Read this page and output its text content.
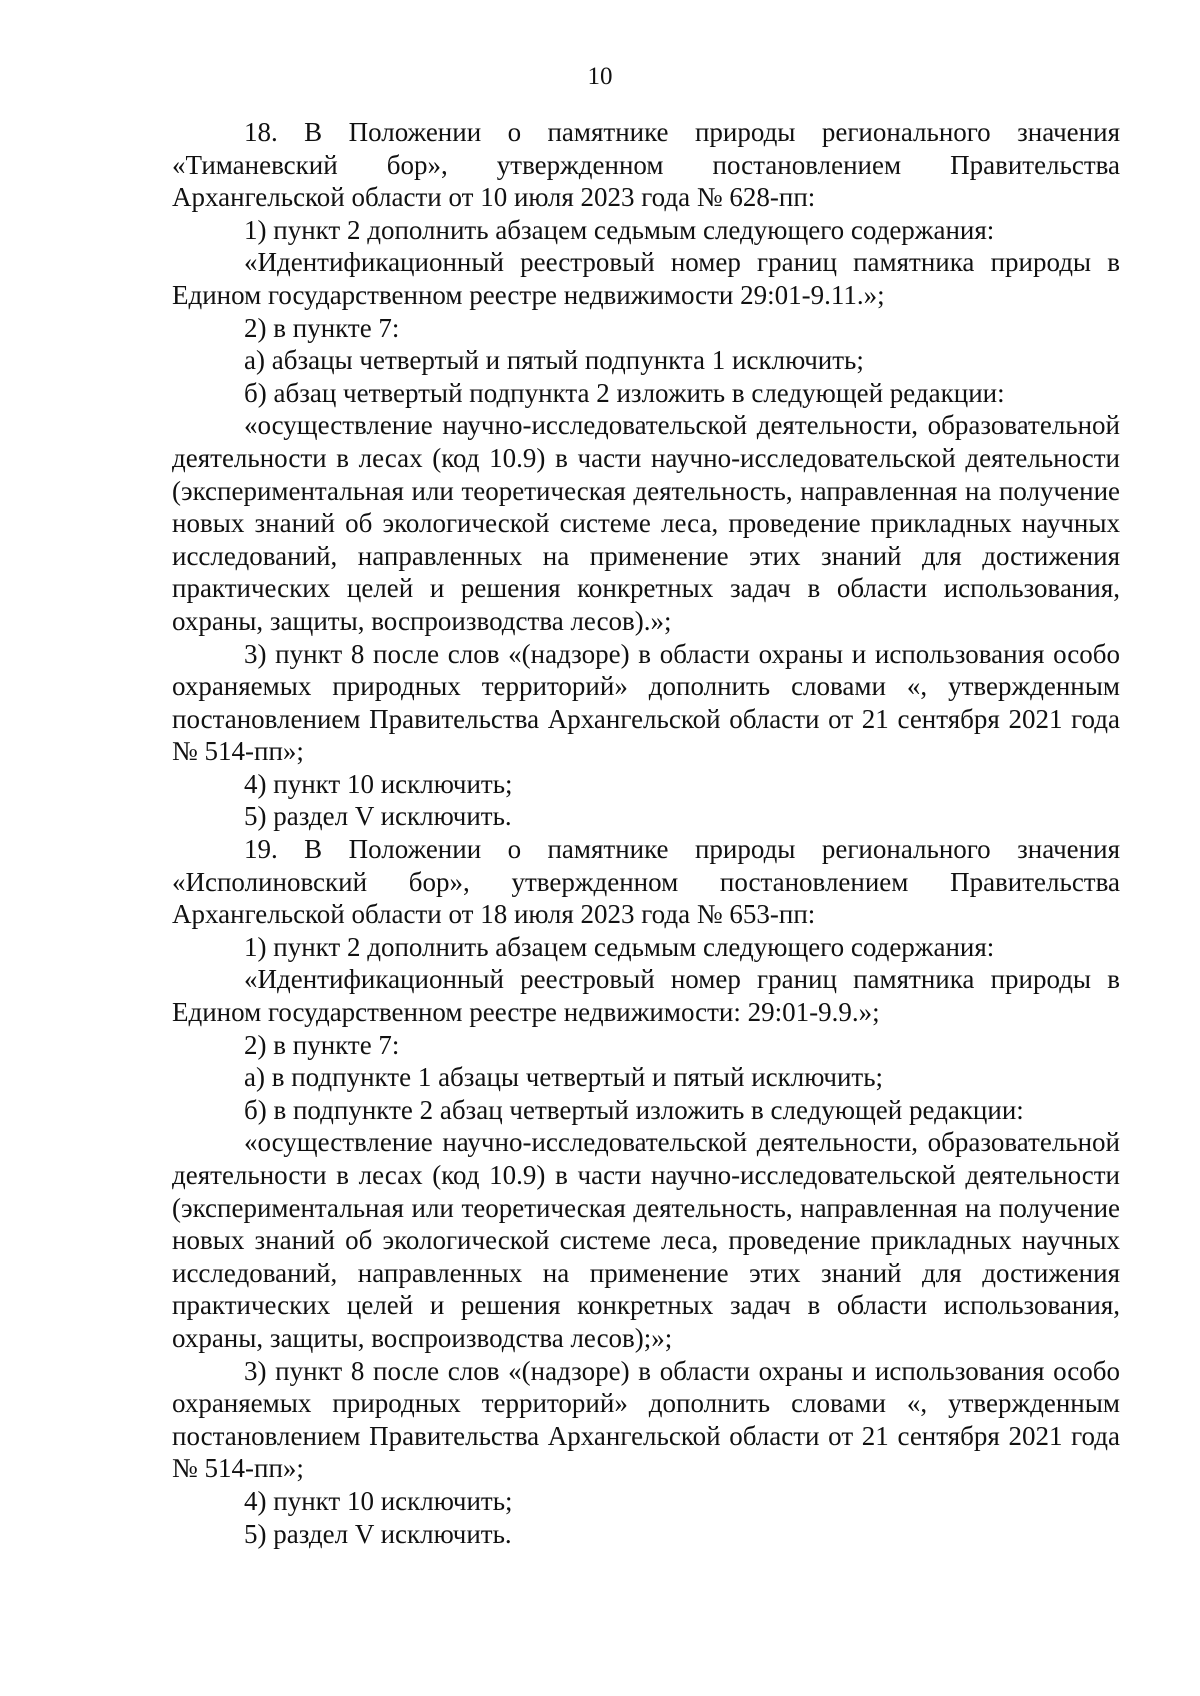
10

18. В Положении о памятнике природы регионального значения «Тиманевский бор», утвержденном постановлением Правительства Архангельской области от 10 июля 2023 года № 628-пп:

1) пункт 2 дополнить абзацем седьмым следующего содержания:

«Идентификационный реестровый номер границ памятника природы в Едином государственном реестре недвижимости 29:01-9.11.»;

2) в пункте 7:

а) абзацы четвертый и пятый подпункта 1 исключить;

б) абзац четвертый подпункта 2 изложить в следующей редакции:

«осуществление научно-исследовательской деятельности, образовательной деятельности в лесах (код 10.9) в части научно-исследовательской деятельности (экспериментальная или теоретическая деятельность, направленная на получение новых знаний об экологической системе леса, проведение прикладных научных исследований, направленных на применение этих знаний для достижения практических целей и решения конкретных задач в области использования, охраны, защиты, воспроизводства лесов).»;

3) пункт 8 после слов «(надзоре) в области охраны и использования особо охраняемых природных территорий» дополнить словами «, утвержденным постановлением Правительства Архангельской области от 21 сентября 2021 года № 514-пп»;

4) пункт 10 исключить;

5) раздел V исключить.

19. В Положении о памятнике природы регионального значения «Исполиновский бор», утвержденном постановлением Правительства Архангельской области от 18 июля 2023 года № 653-пп:

1) пункт 2 дополнить абзацем седьмым следующего содержания:

«Идентификационный реестровый номер границ памятника природы в Едином государственном реестре недвижимости: 29:01-9.9.»;

2) в пункте 7:

а) в подпункте 1 абзацы четвертый и пятый исключить;

б) в подпункте 2 абзац четвертый изложить в следующей редакции:

«осуществление научно-исследовательской деятельности, образовательной деятельности в лесах (код 10.9) в части научно-исследовательской деятельности (экспериментальная или теоретическая деятельность, направленная на получение новых знаний об экологической системе леса, проведение прикладных научных исследований, направленных на применение этих знаний для достижения практических целей и решения конкретных задач в области использования, охраны, защиты, воспроизводства лесов);»;

3) пункт 8 после слов «(надзоре) в области охраны и использования особо охраняемых природных территорий» дополнить словами «, утвержденным постановлением Правительства Архангельской области от 21 сентября 2021 года № 514-пп»;

4) пункт 10 исключить;

5) раздел V исключить.
